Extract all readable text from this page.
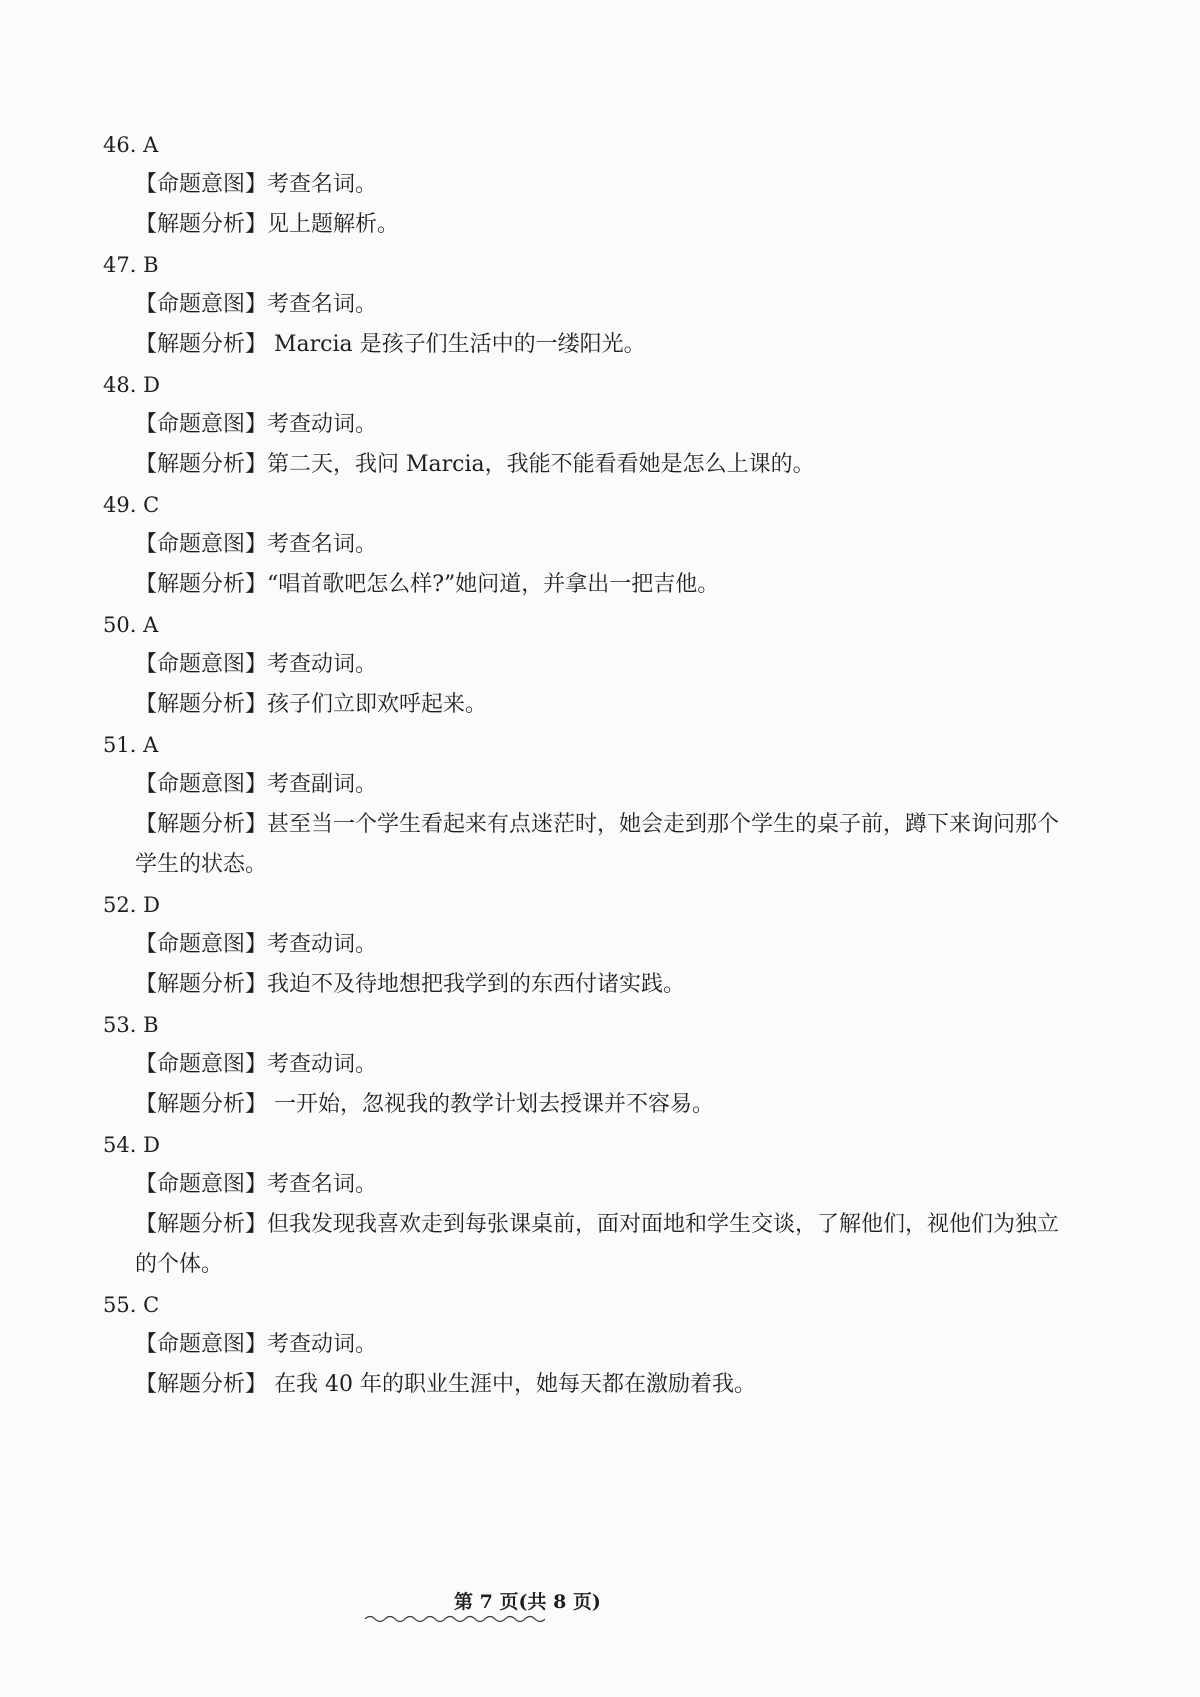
46. A
【命题意图】考查名词。
【解题分析】见上题解析。
47. B
【命题意图】考查名词。
【解题分析】 Marcia 是孩子们生活中的一缕阳光。
48. D
【命题意图】考查动词。
【解题分析】第二天，我问 Marcia，我能不能看看她是怎么上课的。
49. C
【命题意图】考查名词。
【解题分析】“唱首歌吧怎么样?”她问道，并拿出一把吉他。
50. A
【命题意图】考查动词。
【解题分析】孩子们立即欢呼起来。
51. A
【命题意图】考查副词。
【解题分析】甚至当一个学生看起来有点迷茫时，她会走到那个学生的桌子前，蹲下来询问那个
学生的状态。
52. D
【命题意图】考查动词。
【解题分析】我迫不及待地想把我学到的东西付诸实践。
53. B
【命题意图】考查动词。
【解题分析】 一开始，忽视我的教学计划去授课并不容易。
54. D
【命题意图】考查名词。
【解题分析】但我发现我喜欢走到每张课桌前，面对面地和学生交谈，了解他们，视他们为独立
的个体。
55. C
【命题意图】考查动词。
【解题分析】 在我 40 年的职业生涯中，她每天都在激励着我。
第 7 页(共 8 页)
